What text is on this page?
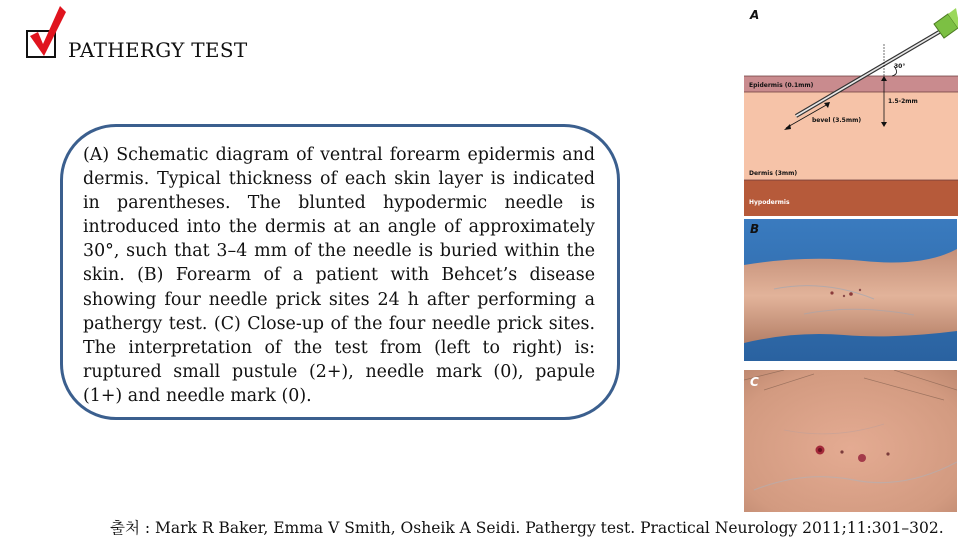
PATHERGY TEST

(A) Schematic diagram of ventral forearm epidermis and dermis. Typical thickness of each skin layer is indicated in parentheses. The blunted hypodermic needle is introduced into the dermis at an angle of approximately 30°, such that 3–4 mm of the needle is buried within the skin. (B) Forearm of a patient with Behcet’s disease showing four needle prick sites 24 h after performing a pathergy test. (C) Close-up of the four needle prick sites. The interpretation of the test from (left to right) is: ruptured small pustule (2+), needle mark (0), papule (1+) and needle mark (0).

A
Epidermis (0.1mm)
Dermis (3mm)
Hypodermis
30°
1.5-2mm
bevel (3.5mm)
B
C
출처 : Mark R Baker, Emma V Smith, Osheik A Seidi. Pathergy test. Practical Neurology 2011;11:301–302.
